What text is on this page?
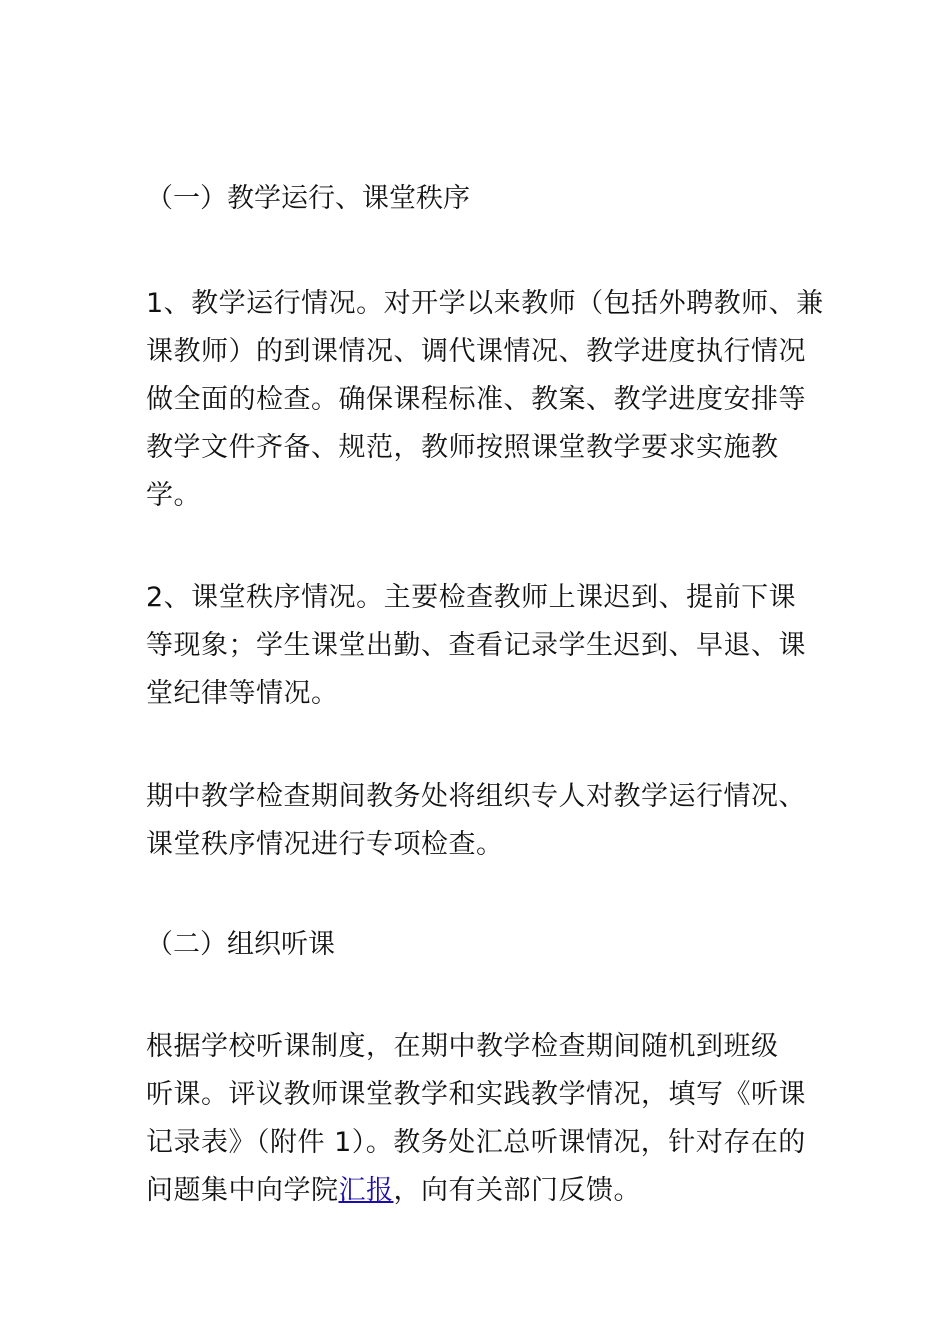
（一）教学运行、课堂秩序
1、教学运行情况。对开学以来教师（包括外聘教师、兼
课教师）的到课情况、调代课情况、教学进度执行情况
做全面的检查。确保课程标准、教案、教学进度安排等
教学文件齐备、规范，教师按照课堂教学要求实施教
学。
2、课堂秩序情况。主要检查教师上课迟到、提前下课
等现象；学生课堂出勤、查看记录学生迟到、早退、课
堂纪律等情况。
期中教学检查期间教务处将组织专人对教学运行情况、
课堂秩序情况进行专项检查。
（二）组织听课
根据学校听课制度，在期中教学检查期间随机到班级
听课。评议教师课堂教学和实践教学情况，填写《听课
记录表》（附件 1）。教务处汇总听课情况，针对存在的
问题集中向学院汇报，向有关部门反馈。
